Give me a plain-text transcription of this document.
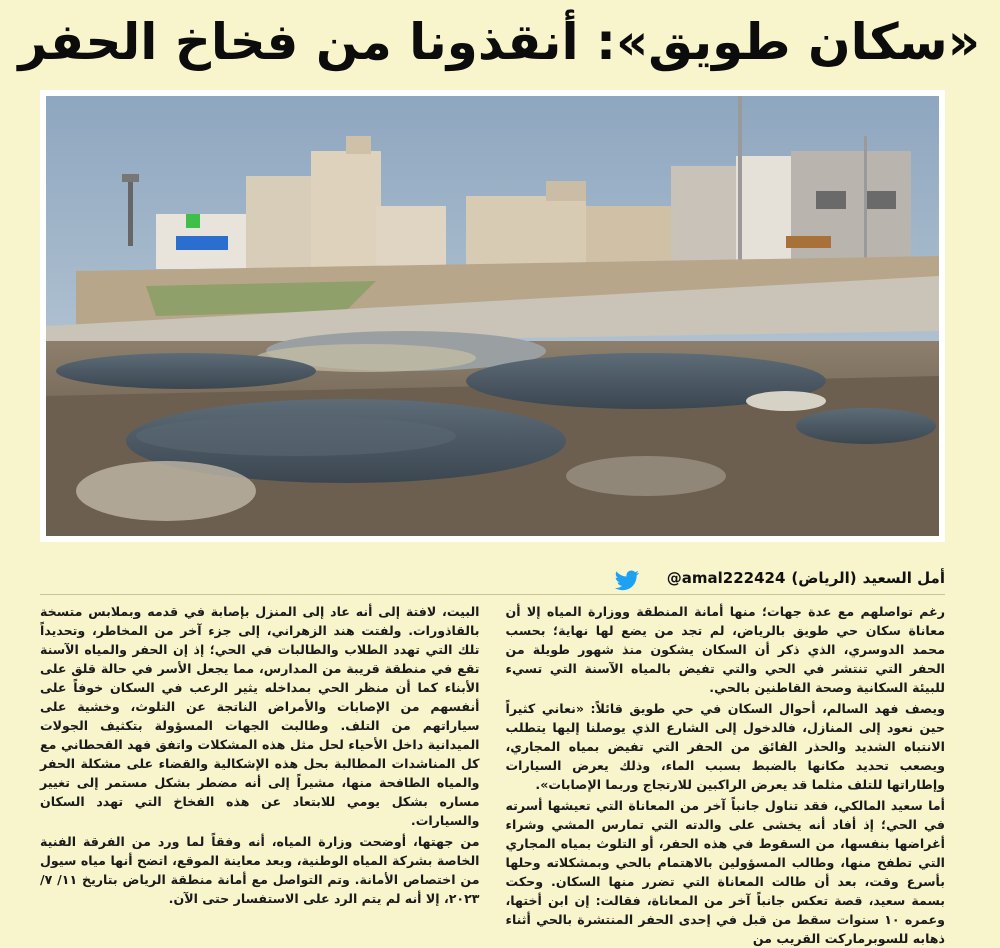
«سكان طويق»: أنقذونا من فخاخ الحفر
أمل السعيد
(الرياض)
@amal222424

رغم تواصلهم مع عدة جهات؛ منها أمانة المنطقة ووزارة المياه إلا أن معاناة سكان حي طويق بالرياض، لم تجد من يضع لها نهاية؛ بحسب محمد الدوسري، الذي ذكر أن السكان يشكون منذ شهور طويلة من الحفر التي تنتشر في الحي والتي تفيض بالمياه الآسنة التي تسيء للبيئة السكانية وصحة القاطنين بالحي.

ويصف فهد السالم، أحوال السكان في حي طويق قائلاً: «نعاني كثيراً حين نعود إلى المنازل، فالدخول إلى الشارع الذي يوصلنا إليها يتطلب الانتباه الشديد والحذر الفائق من الحفر التي تفيض بمياه المجاري، ويصعب تحديد مكانها بالضبط بسبب الماء، وذلك يعرض السيارات وإطاراتها للتلف مثلما قد يعرض الراكبين للارتجاج وربما الإصابات».

أما سعيد المالكي، فقد تناول جانباً آخر من المعاناة التي تعيشها أسرته في الحي؛ إذ أفاد أنه يخشى على والدته التي تمارس المشي وشراء أغراضها بنفسها، من السقوط في هذه الحفر، أو التلوث بمياه المجاري التي تطفح منها، وطالب المسؤولين بالاهتمام بالحي وبمشكلاته وحلها بأسرع وقت، بعد أن طالت المعاناة التي تضرر منها السكان. وحكت بسمة سعيد، قصة تعكس جانباً آخر من المعاناة، فقالت: إن ابن أختها، وعمره ١٠ سنوات سقط من قبل في إحدى الحفر المنتشرة بالحي أثناء ذهابه للسوبرماركت القريب من

البيت، لافتة إلى أنه عاد إلى المنزل بإصابة في قدمه وبملابس متسخة بالقاذورات. ولفتت هند الزهراني، إلى جزء آخر من المخاطر، وتحديداً تلك التي تهدد الطلاب والطالبات في الحي؛ إذ إن الحفر والمياه الآسنة تقع في منطقة قريبة من المدارس، مما يجعل الأسر في حالة قلق على الأبناء كما أن منظر الحي بمداخله يثير الرعب في السكان خوفاً على أنفسهم من الإصابات والأمراض الناتجة عن التلوث، وخشية على سياراتهم من التلف. وطالبت الجهات المسؤولة بتكثيف الجولات الميدانية داخل الأحياء لحل مثل هذه المشكلات واتفق فهد القحطاني مع كل المناشدات المطالبة بحل هذه الإشكالية والقضاء على مشكلة الحفر والمياه الطافحة منها، مشيراً إلى أنه مضطر بشكل مستمر إلى تغيير مساره بشكل يومي للابتعاد عن هذه الفخاخ التي تهدد السكان والسيارات.

من جهتها، أوضحت وزارة المياه، أنه وفقاً لما ورد من الفرقة الفنية الخاصة بشركة المياه الوطنية، وبعد معاينة الموقع، اتضح أنها مياه سيول من اختصاص الأمانة. وتم التواصل مع أمانة منطقة الرياض بتاريخ ١١/ ٧/ ٢٠٢٣، إلا أنه لم يتم الرد على الاستفسار حتى الآن.
